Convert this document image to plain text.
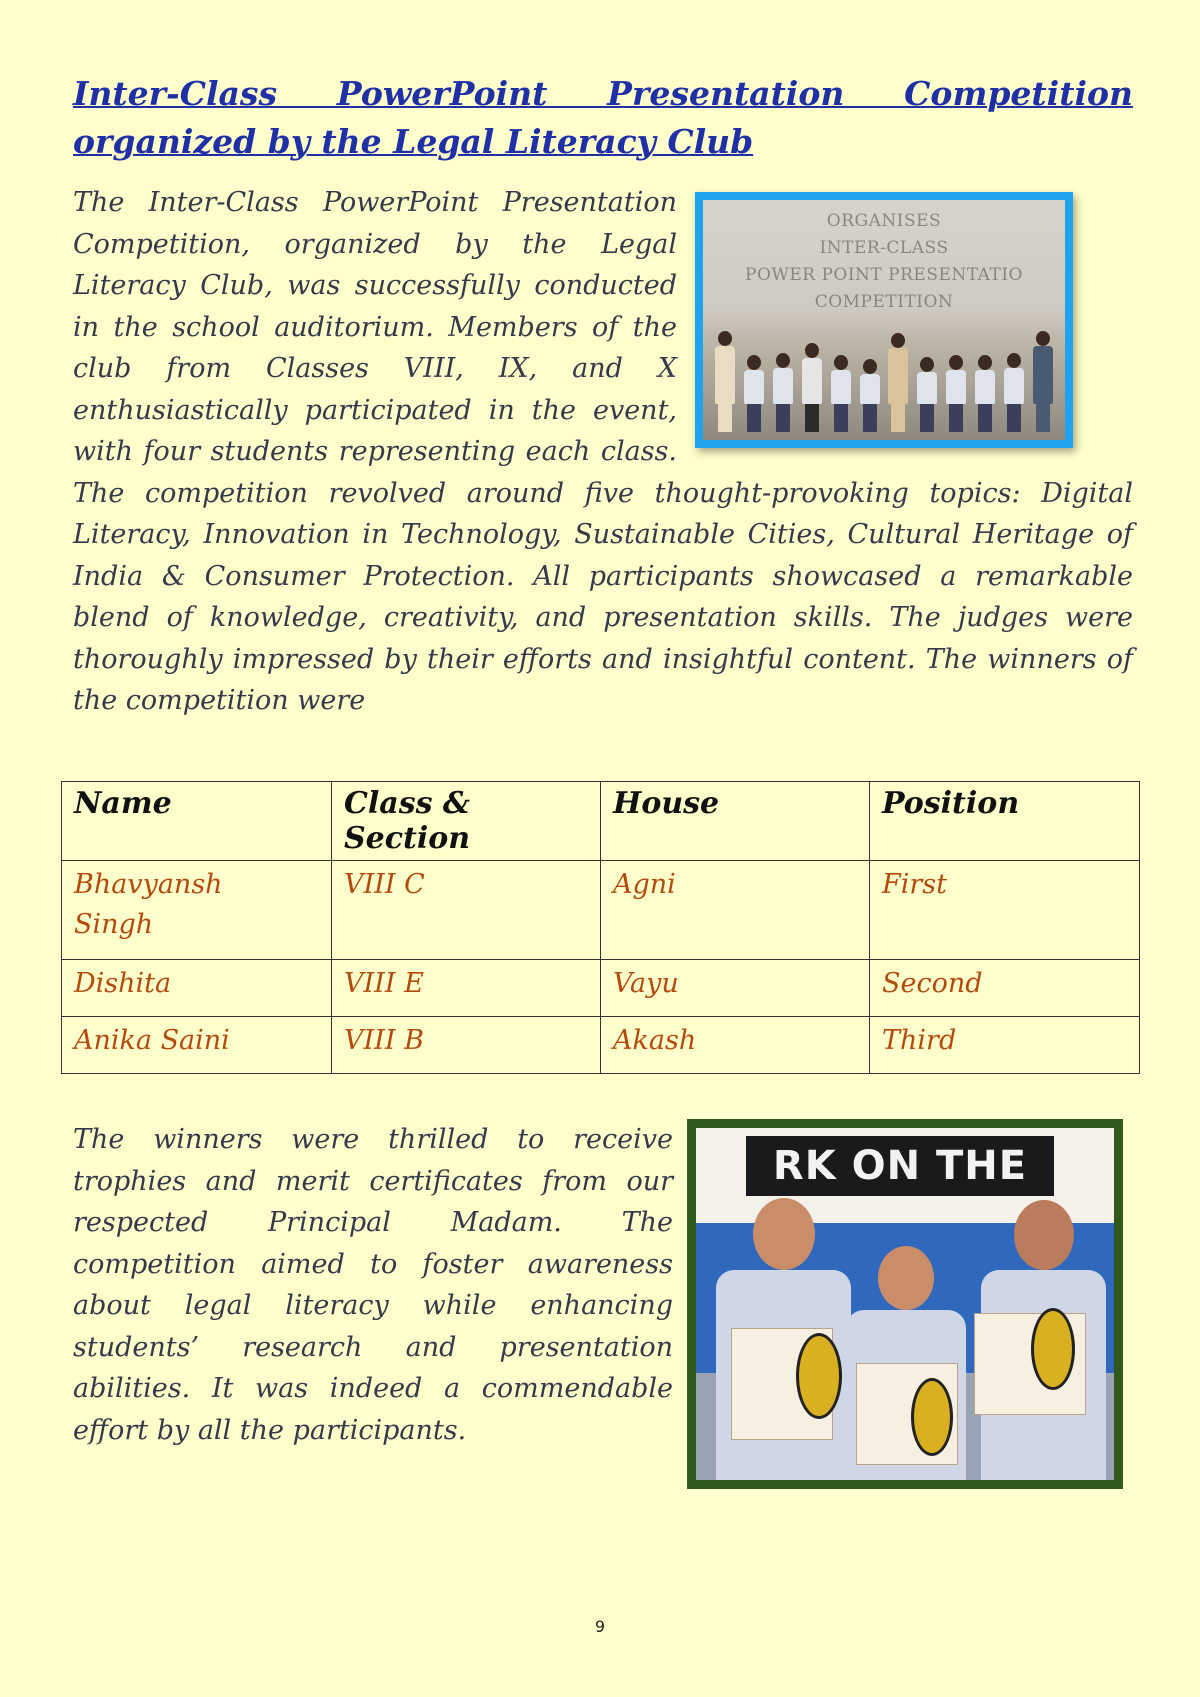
Inter-Class PowerPoint Presentation Competition organized by the Legal Literacy Club
ORGANISES
INTER-CLASS
POWER POINT PRESENTATIO
COMPETITION

The Inter-Class PowerPoint Presentation Competition, organized by the Legal Literacy Club, was successfully conducted in the school auditorium. Members of the club from Classes VIII, IX, and X enthusiastically participated in the event, with four students representing each class. The competition revolved around five thought-provoking topics: Digital Literacy, Innovation in Technology, Sustainable Cities, Cultural Heritage of India & Consumer Protection. All participants showcased a remarkable blend of knowledge, creativity, and presentation skills. The judges were thoroughly impressed by their efforts and insightful content. The winners of the competition were

Name	Class & Section	House	Position
Bhavyansh Singh	VIII C	Agni	First
Dishita	VIII E	Vayu	Second
Anika Saini	VIII B	Akash	Third
RK ON THE

The winners were thrilled to receive trophies and merit certificates from our respected Principal Madam. The competition aimed to foster awareness about legal literacy while enhancing students’ research and presentation abilities. It was indeed a commendable effort by all the participants.

9
